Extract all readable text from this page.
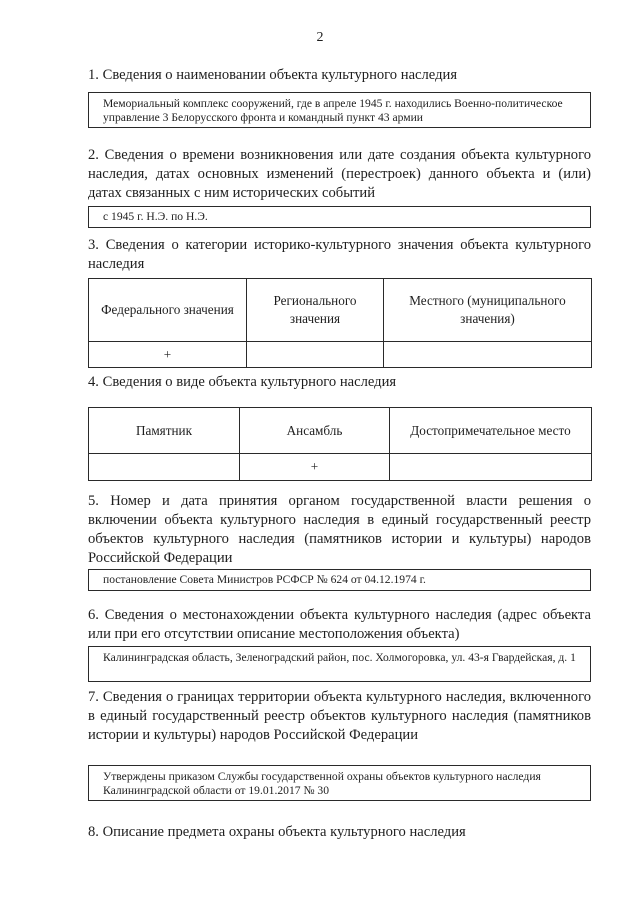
2
1. Сведения о наименовании объекта культурного наследия
Мемориальный комплекс сооружений, где в апреле 1945 г. находились Военно-политическое управление 3 Белорусского фронта и командный пункт 43 армии
2. Сведения о времени возникновения или дате создания объекта культурного наследия, датах основных изменений (перестроек) данного объекта и (или) датах связанных с ним исторических событий
с 1945 г. Н.Э. по Н.Э.
3. Сведения о категории историко-культурного значения объекта культурного наследия
Федерального значения	Регионального значения	Местного (муниципального значения)
+		
4. Сведения о виде объекта культурного наследия
Памятник	Ансамбль	Достопримечательное место
	+	
5. Номер и дата принятия органом государственной власти решения о включении объекта культурного наследия в единый государственный реестр объектов культурного наследия (памятников истории и культуры) народов Российской Федерации
постановление Совета Министров РСФСР № 624 от 04.12.1974 г.
6. Сведения о местонахождении объекта культурного наследия (адрес объекта или при его отсутствии описание местоположения объекта)
Калининградская область, Зеленоградский район, пос. Холмогоровка, ул. 43-я Гвардейская, д. 1
7. Сведения о границах территории объекта культурного наследия, включенного в единый государственный реестр объектов культурного наследия (памятников истории и культуры) народов Российской Федерации
Утверждены приказом Службы государственной охраны объектов культурного наследия Калининградской области от 19.01.2017 № 30
8. Описание предмета охраны объекта культурного наследия
